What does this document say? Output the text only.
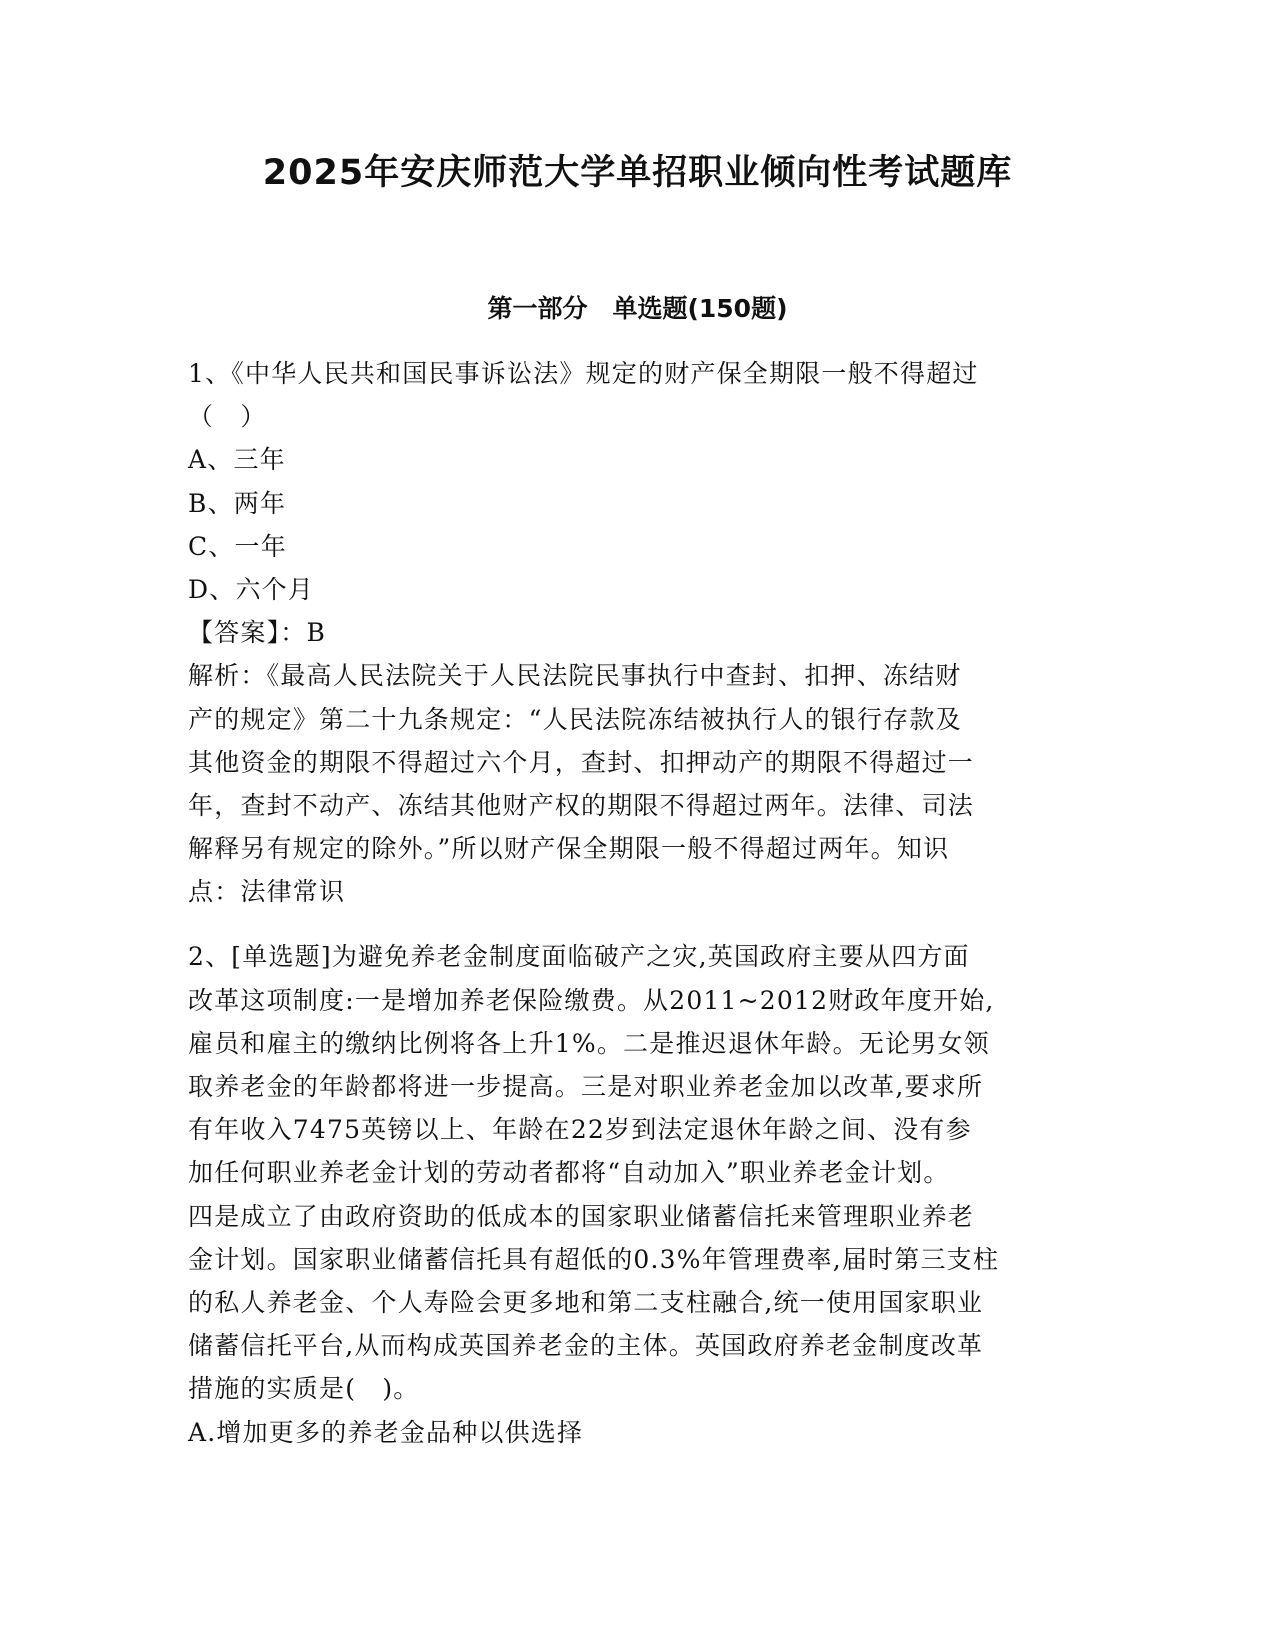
2025年安庆师范大学单招职业倾向性考试题库
第一部分　单选题(150题)
1、《中华人民共和国民事诉讼法》规定的财产保全期限一般不得超过
（　）
A、三年
B、两年
C、一年
D、六个月
【答案】：B
解析：《最高人民法院关于人民法院民事执行中查封、扣押、冻结财
产的规定》第二十九条规定：“人民法院冻结被执行人的银行存款及
其他资金的期限不得超过六个月，查封、扣押动产的期限不得超过一
年，查封不动产、冻结其他财产权的期限不得超过两年。法律、司法
解释另有规定的除外。”所以财产保全期限一般不得超过两年。知识
点：法律常识
2、[单选题]为避免养老金制度面临破产之灾,英国政府主要从四方面
改革这项制度:一是增加养老保险缴费。从2011~2012财政年度开始,
雇员和雇主的缴纳比例将各上升1%。二是推迟退休年龄。无论男女领
取养老金的年龄都将进一步提高。三是对职业养老金加以改革,要求所
有年收入7475英镑以上、年龄在22岁到法定退休年龄之间、没有参
加任何职业养老金计划的劳动者都将“自动加入”职业养老金计划。
四是成立了由政府资助的低成本的国家职业储蓄信托来管理职业养老
金计划。国家职业储蓄信托具有超低的0.3%年管理费率,届时第三支柱
的私人养老金、个人寿险会更多地和第二支柱融合,统一使用国家职业
储蓄信托平台,从而构成英国养老金的主体。英国政府养老金制度改革
措施的实质是(　)。
A.增加更多的养老金品种以供选择
